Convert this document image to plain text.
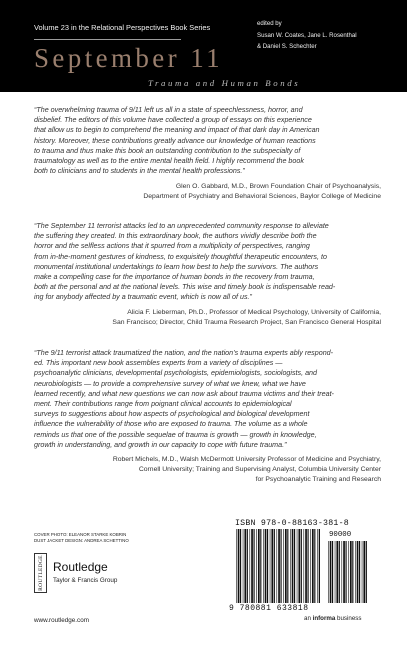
Volume 23 in the Relational Perspectives Book Series	edited by
Susan W. Coates, Jane L. Rosenthal
& Daniel S. Schechter
September 11
Trauma and Human Bonds
“The overwhelming trauma of 9/11 left us all in a state of speechlessness, horror, and
disbelief. The editors of this volume have collected a group of essays on this experience
that allow us to begin to comprehend the meaning and impact of that dark day in American
history. Moreover, these contributions greatly advance our knowledge of human reactions
to trauma and thus make this book an outstanding contribution to the subspecialty of
traumatology as well as to the entire mental health field. I highly recommend the book
both to clinicians and to students in the mental health professions.”
Glen O. Gabbard, M.D., Brown Foundation Chair of Psychoanalysis,
Department of Psychiatry and Behavioral Sciences, Baylor College of Medicine
“The September 11 terrorist attacks led to an unprecedented community response to alleviate
the suffering they created. In this extraordinary book, the authors vividly describe both the
horror and the selfless actions that it spurred from a multiplicity of perspectives, ranging
from in-the-moment gestures of kindness, to exquisitely thoughtful therapeutic encounters, to
monumental institutional undertakings to learn how best to help the survivors. The authors
make a compelling case for the importance of human bonds in the recovery from trauma,
both at the personal and at the national levels. This wise and timely book is indispensable read-
ing for anybody affected by a traumatic event, which is now all of us.”
Alicia F. Lieberman, Ph.D., Professor of Medical Psychology, University of California,
San Francisco; Director, Child Trauma Research Project, San Francisco General Hospital
“The 9/11 terrorist attack traumatized the nation, and the nation’s trauma experts ably respond-
ed. This important new book assembles experts from a variety of disciplines —
psychoanalytic clinicians, developmental psychologists, epidemiologists, sociologists, and
neurobiologists — to provide a comprehensive survey of what we knew, what we have
learned recently, and what new questions we can now ask about trauma victims and their treat-
ment. Their contributions range from poignant clinical accounts to epidemiological
surveys to suggestions about how aspects of psychological and biological development
influence the vulnerability of those who are exposed to trauma. The volume as a whole
reminds us that one of the possible sequelae of trauma is growth — growth in knowledge,
growth in understanding, and growth in our capacity to cope with future trauma.”
Robert Michels, M.D., Walsh McDermott University Professor of Medicine and Psychiatry,
Cornell University; Training and Supervising Analyst, Columbia University Center
for Psychoanalytic Training and Research
COVER PHOTO: ELEANOR STARKE KOBRIN
DUST JACKET DESIGN: ANDREA SCHETTINO
ROUTLEDGE Routledge
Taylor & Francis Group
www.routledge.com
ISBN 978-0-88163-381-8
90000
9 780881 633818
an informa business
